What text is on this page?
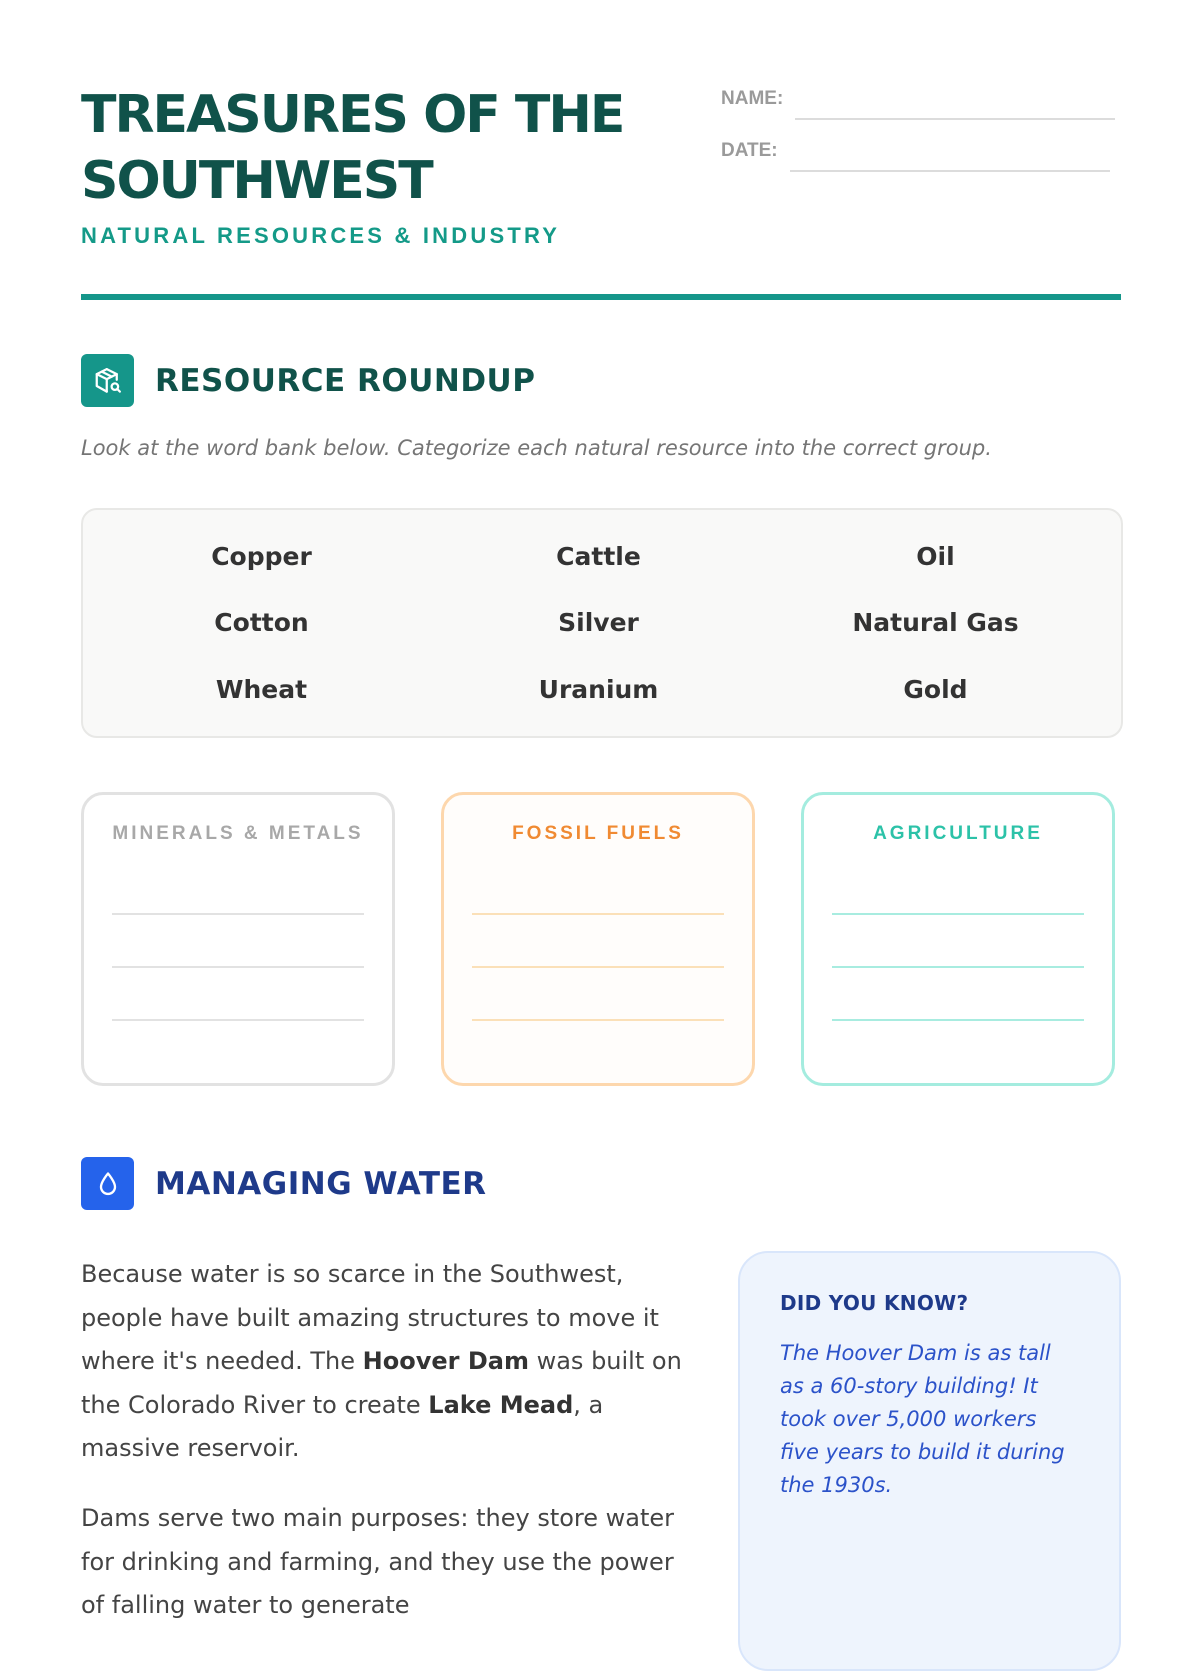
TREASURES OF THE SOUTHWEST
NATURAL RESOURCES & INDUSTRY
NAME:
DATE:
RESOURCE ROUNDUP
Look at the word bank below. Categorize each natural resource into the correct group.
Copper	Cattle	Oil
Cotton	Silver	Natural Gas
Wheat	Uranium	Gold
MINERALS & METALS	FOSSIL FUELS	AGRICULTURE
MANAGING WATER

Because water is so scarce in the Southwest, people have built amazing structures to move it where it's needed. The Hoover Dam was built on the Colorado River to create Lake Mead, a massive reservoir.

Dams serve two main purposes: they store water for drinking and farming, and they use the power of falling water to generate

DID YOU KNOW?
The Hoover Dam is as tall as a 60-story building! It took over 5,000 workers five years to build it during the 1930s.
